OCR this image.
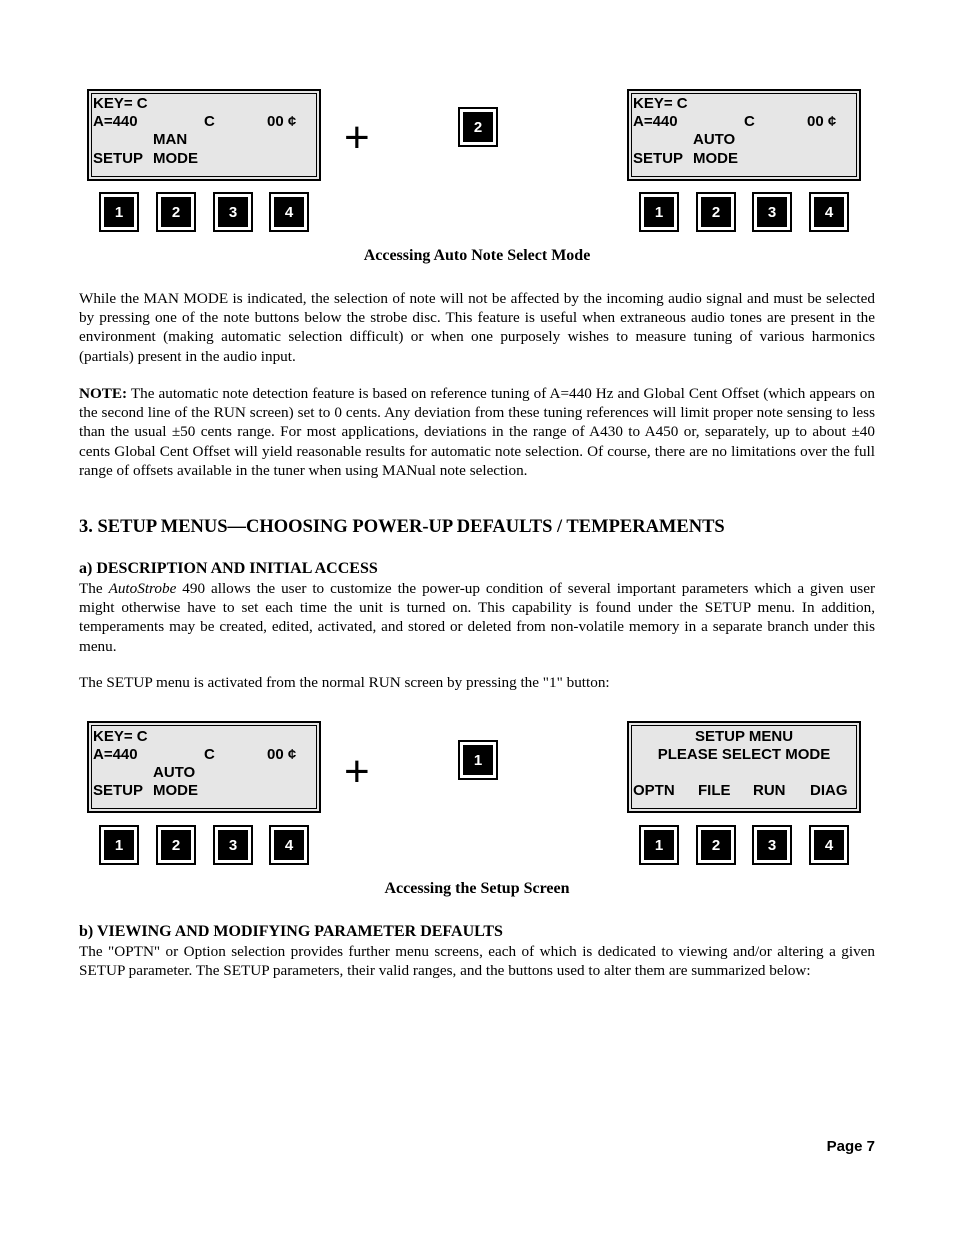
KEY= C
A=440	C	00 ¢
MAN
SETUP MODE	+	2
KEY= C
A=440	C	00 ¢
AUTO
SETUP MODE
1	2	3	4	1	2	3	4
Accessing Auto Note Select Mode
While the MAN MODE is indicated, the selection of note will not be affected by the incoming audio signal and must be selected by pressing one of the note buttons below the strobe disc. This feature is useful when extraneous audio tones are present in the environment (making automatic selection difficult) or when one purposely wishes to measure tuning of various harmonics (partials) present in the audio input.
NOTE: The automatic note detection feature is based on reference tuning of A=440 Hz and Global Cent Offset (which appears on the second line of the RUN screen) set to 0 cents. Any deviation from these tuning references will limit proper note sensing to less than the usual ±50 cents range. For most applications, deviations in the range of A430 to A450 or, separately, up to about ±40 cents Global Cent Offset will yield reasonable results for automatic note selection. Of course, there are no limitations over the full range of offsets available in the tuner when using MANual note selection.
3. SETUP MENUS—CHOOSING POWER-UP DEFAULTS / TEMPERAMENTS
a) DESCRIPTION AND INITIAL ACCESS
The AutoStrobe 490 allows the user to customize the power-up condition of several important parameters which a given user might otherwise have to set each time the unit is turned on. This capability is found under the SETUP menu. In addition, temperaments may be created, edited, activated, and stored or deleted from non-volatile memory in a separate branch under this menu.
The SETUP menu is activated from the normal RUN screen by pressing the "1" button:
KEY= C
A=440	C	00 ¢
AUTO
SETUP MODE	+	1
SETUP MENU
PLEASE SELECT MODE
OPTN FILE RUN DIAG
1	2	3	4	1	2	3	4
Accessing the Setup Screen
b) VIEWING AND MODIFYING PARAMETER DEFAULTS
The "OPTN" or Option selection provides further menu screens, each of which is dedicated to viewing and/or altering a given SETUP parameter. The SETUP parameters, their valid ranges, and the buttons used to alter them are summarized below:
Page 7
